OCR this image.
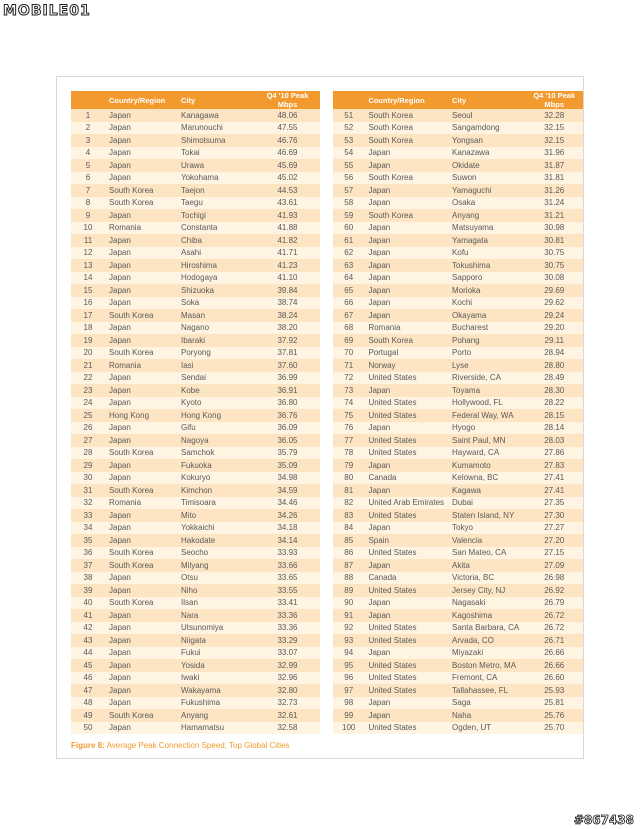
MOBILE01
	Country/Region	City	Q4 '10 Peak Mbps
1	Japan	Kanagawa	48.06
2	Japan	Marunouchi	47.55
3	Japan	Shimotsuma	46.76
4	Japan	Tokai	46.69
5	Japan	Urawa	45.69
6	Japan	Yokohama	45.02
7	South Korea	Taejon	44.53
8	South Korea	Taegu	43.61
9	Japan	Tochigi	41.93
10	Romania	Constanta	41.88
11	Japan	Chiba	41.82
12	Japan	Asahi	41.71
13	Japan	Hiroshima	41.23
14	Japan	Hodogaya	41.10
15	Japan	Shizuoka	39.84
16	Japan	Soka	38.74
17	South Korea	Masan	38.24
18	Japan	Nagano	38.20
19	Japan	Ibaraki	37.92
20	South Korea	Poryong	37.81
21	Romania	Iasi	37.60
22	Japan	Sendai	36.99
23	Japan	Kobe	36.91
24	Japan	Kyoto	36.80
25	Hong Kong	Hong Kong	36.76
26	Japan	Gifu	36.09
27	Japan	Nagoya	36.05
28	South Korea	Samchok	35.79
29	Japan	Fukuoka	35.09
30	Japan	Kokuryo	34.98
31	South Korea	Kimchon	34.59
32	Romania	Timisoara	34.46
33	Japan	Mito	34.26
34	Japan	Yokkaichi	34.18
35	Japan	Hakodate	34.14
36	South Korea	Seocho	33.93
37	South Korea	Milyang	33.66
38	Japan	Otsu	33.65
39	Japan	Niho	33.55
40	South Korea	Ilsan	33.41
41	Japan	Nara	33.36
42	Japan	Utsunomiya	33.36
43	Japan	Niigata	33.29
44	Japan	Fukui	33.07
45	Japan	Yosida	32.99
46	Japan	Iwaki	32.96
47	Japan	Wakayama	32.80
48	Japan	Fukushima	32.73
49	South Korea	Anyang	32.61
50	Japan	Hamamatsu	32.58
	Country/Region	City	Q4 '10 Peak Mbps
51	South Korea	Seoul	32.28
52	South Korea	Sangamdong	32.15
53	South Korea	Yongsan	32.15
54	Japan	Kanazawa	31.96
55	Japan	Okidate	31.87
56	South Korea	Suwon	31.81
57	Japan	Yamaguchi	31.26
58	Japan	Osaka	31.24
59	South Korea	Anyang	31.21
60	Japan	Matsuyama	30.98
61	Japan	Yamagata	30.81
62	Japan	Kofu	30.75
63	Japan	Tokushima	30.75
64	Japan	Sapporo	30.08
65	Japan	Morioka	29.69
66	Japan	Kochi	29.62
67	Japan	Okayama	29.24
68	Romania	Bucharest	29.20
69	South Korea	Pohang	29.11
70	Portugal	Porto	28.94
71	Norway	Lyse	28.80
72	United States	Riverside, CA	28.49
73	Japan	Toyama	28.30
74	United States	Hollywood, FL	28.22
75	United States	Federal Way, WA	28.15
76	Japan	Hyogo	28.14
77	United States	Saint Paul, MN	28.03
78	United States	Hayward, CA	27.86
79	Japan	Kumamoto	27.83
80	Canada	Kelowna, BC	27.41
81	Japan	Kagawa	27.41
82	United Arab Emirates	Dubai	27.35
83	United States	Staten Island, NY	27.30
84	Japan	Tokyo	27.27
85	Spain	Valencia	27.20
86	United States	San Mateo, CA	27.15
87	Japan	Akita	27.09
88	Canada	Victoria, BC	26.98
89	United States	Jersey City, NJ	26.92
90	Japan	Nagasaki	26.79
91	Japan	Kagoshima	26.72
92	United States	Santa Barbara, CA	26.72
93	United States	Arvada, CO	26.71
94	Japan	Miyazaki	26.66
95	United States	Boston Metro, MA	26.66
96	United States	Fremont, CA	26.60
97	United States	Tallahassee, FL	25.93
98	Japan	Saga	25.81
99	Japan	Naha	25.76
100	United States	Ogden, UT	25.70
Figure 8: Average Peak Connection Speed, Top Global Cities
#867438
